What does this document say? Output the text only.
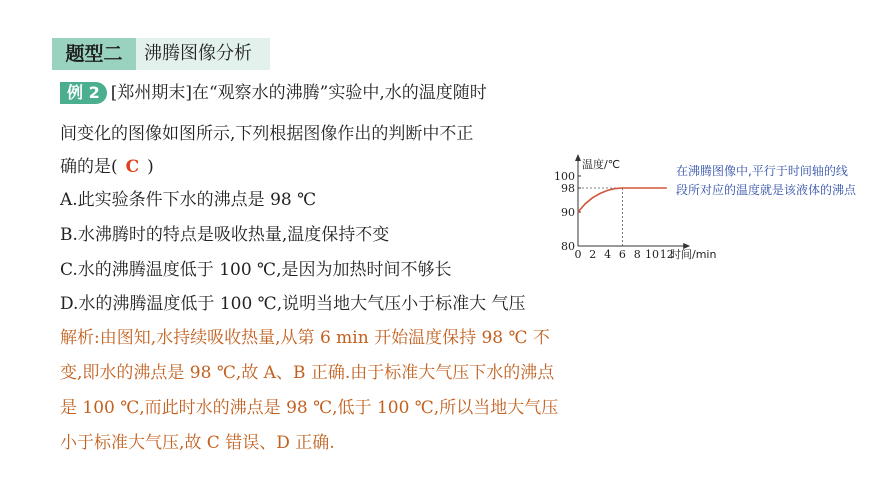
题型二	沸腾图像分析
例 2 [郑州期末]在“观察水的沸腾”实验中,水的温度随时
间变化的图像如图所示,下列根据图像作出的判断中不正
确的是( C )
A.此实验条件下水的沸点是 98 ℃
B.水沸腾时的特点是吸收热量,温度保持不变
C.水的沸腾温度低于 100 ℃,是因为加热时间不够长
D.水的沸腾温度低于 100 ℃,说明当地大气压小于标准大 气压
解析:由图知,水持续吸收热量,从第 6 min 开始温度保持 98 ℃ 不
变,即水的沸点是 98 ℃,故 A、B 正确.由于标准大气压下水的沸点
是 100 ℃,而此时水的沸点是 98 ℃,低于 100 ℃,所以当地大气压
小于标准大气压,故 C 错误、D 正确.
温度/℃
时间/min
100
98
90
80
0 2 4 6 8 10 12
在沸腾图像中,平行于时间轴的线段所对应的温度就是该液体的沸点
